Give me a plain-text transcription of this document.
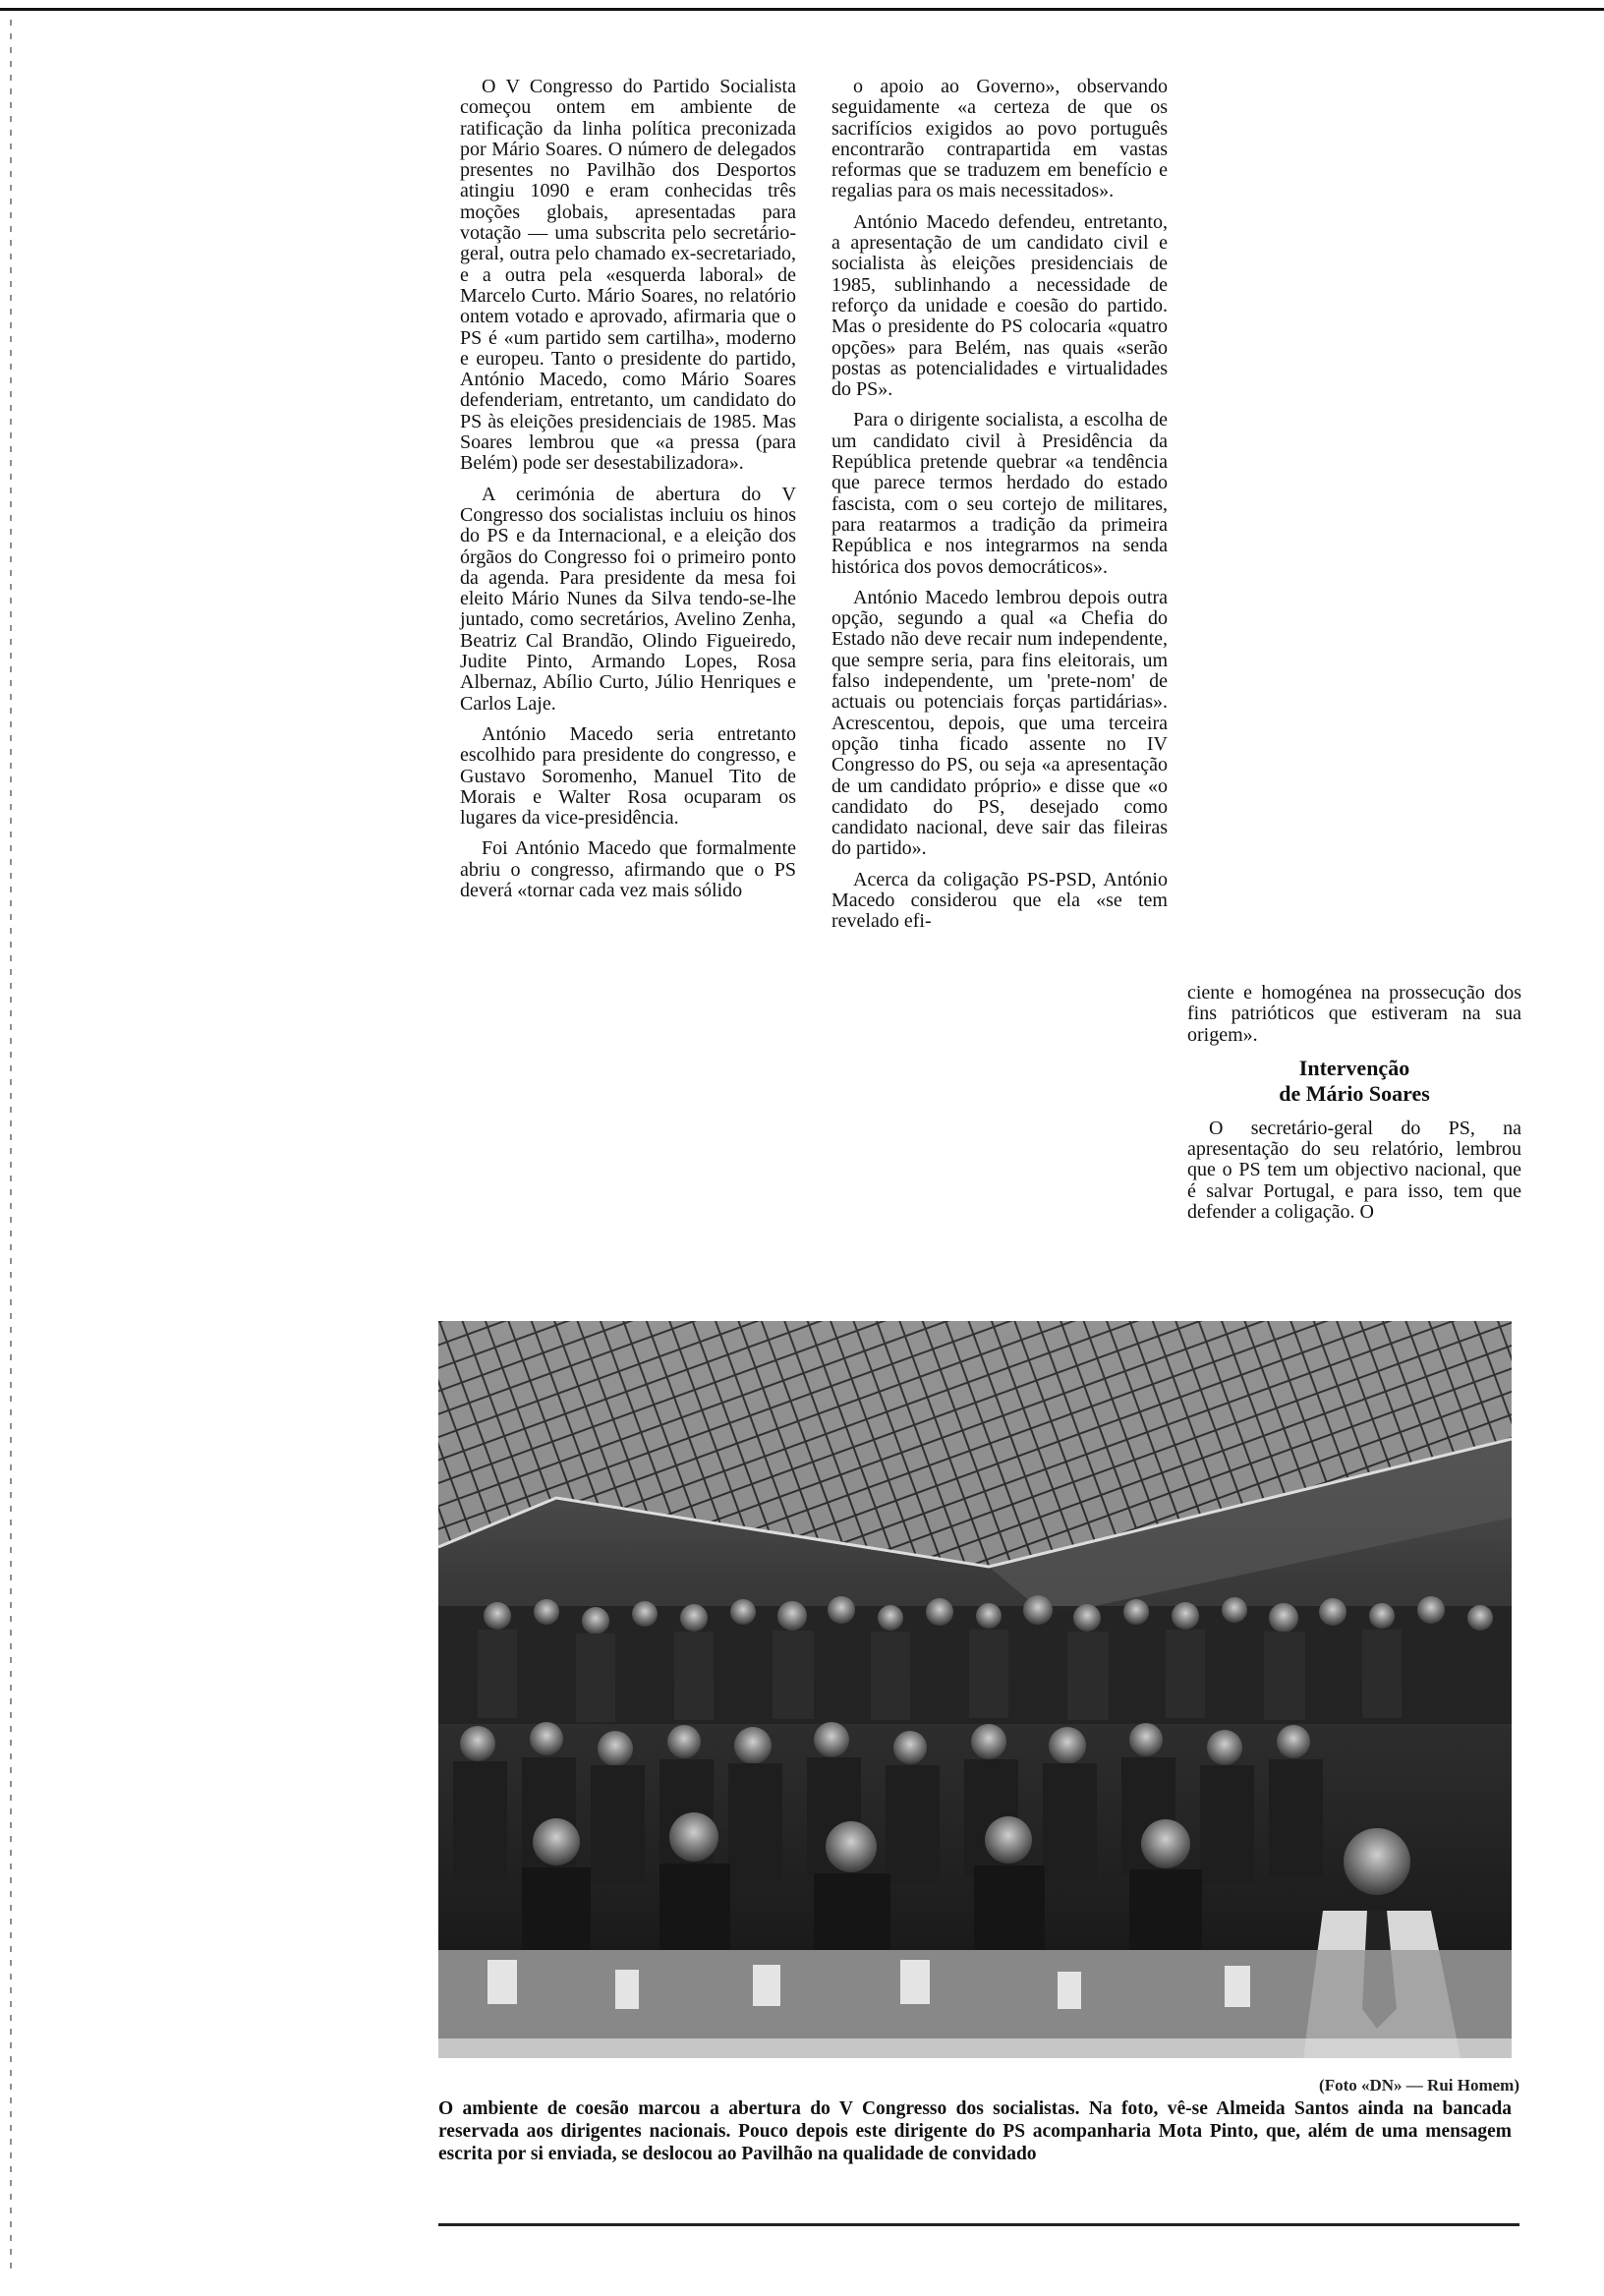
O V Congresso do Partido Socialista começou ontem em ambiente de ratificação da linha política preconizada por Mário Soares. O número de delegados presentes no Pavilhão dos Desportos atingiu 1090 e eram conhecidas três moções globais, apresentadas para votação — uma subscrita pelo secretário-geral, outra pelo chamado ex-secretariado, e a outra pela «esquerda laboral» de Marcelo Curto. Mário Soares, no relatório ontem votado e aprovado, afirmaria que o PS é «um partido sem cartilha», moderno e europeu. Tanto o presidente do partido, António Macedo, como Mário Soares defenderiam, entretanto, um candidato do PS às eleições presidenciais de 1985. Mas Soares lembrou que «a pressa (para Belém) pode ser desestabilizadora».

A cerimónia de abertura do V Congresso dos socialistas incluiu os hinos do PS e da Internacional, e a eleição dos órgãos do Congresso foi o primeiro ponto da agenda. Para presidente da mesa foi eleito Mário Nunes da Silva tendo-se-lhe juntado, como secretários, Avelino Zenha, Beatriz Cal Brandão, Olindo Figueiredo, Judite Pinto, Armando Lopes, Rosa Albernaz, Abílio Curto, Júlio Henriques e Carlos Laje.

António Macedo seria entretanto escolhido para presidente do congresso, e Gustavo Soromenho, Manuel Tito de Morais e Walter Rosa ocuparam os lugares da vice-presidência.

Foi António Macedo que formalmente abriu o congresso, afirmando que o PS deverá «tornar cada vez mais sólido

o apoio ao Governo», observando seguidamente «a certeza de que os sacrifícios exigidos ao povo português encontrarão contrapartida em vastas reformas que se traduzem em benefício e regalias para os mais necessitados».

António Macedo defendeu, entretanto, a apresentação de um candidato civil e socialista às eleições presidenciais de 1985, sublinhando a necessidade de reforço da unidade e coesão do partido. Mas o presidente do PS colocaria «quatro opções» para Belém, nas quais «serão postas as potencialidades e virtualidades do PS».

Para o dirigente socialista, a escolha de um candidato civil à Presidência da República pretende quebrar «a tendência que parece termos herdado do estado fascista, com o seu cortejo de militares, para reatarmos a tradição da primeira República e nos integrarmos na senda histórica dos povos democráticos».

António Macedo lembrou depois outra opção, segundo a qual «a Chefia do Estado não deve recair num independente, que sempre seria, para fins eleitorais, um falso independente, um 'prete-nom' de actuais ou potenciais forças partidárias». Acrescentou, depois, que uma terceira opção tinha ficado assente no IV Congresso do PS, ou seja «a apresentação de um candidato próprio» e disse que «o candidato do PS, desejado como candidato nacional, deve sair das fileiras do partido».

Acerca da coligação PS-PSD, António Macedo considerou que ela «se tem revelado efi-

ciente e homogénea na prossecução dos fins patrióticos que estiveram na sua origem».

Intervenção
de Mário Soares

O secretário-geral do PS, na apresentação do seu relatório, lembrou que o PS tem um objectivo nacional, que é salvar Portugal, e para isso, tem que defender a coligação. O

(Foto «DN» — Rui Homem)
O ambiente de coesão marcou a abertura do V Congresso dos socialistas. Na foto, vê-se Almeida Santos ainda na bancada reservada aos dirigentes nacionais. Pouco depois este dirigente do PS acompanharia Mota Pinto, que, além de uma mensagem escrita por si enviada, se deslocou ao Pavilhão na qualidade de convidado
